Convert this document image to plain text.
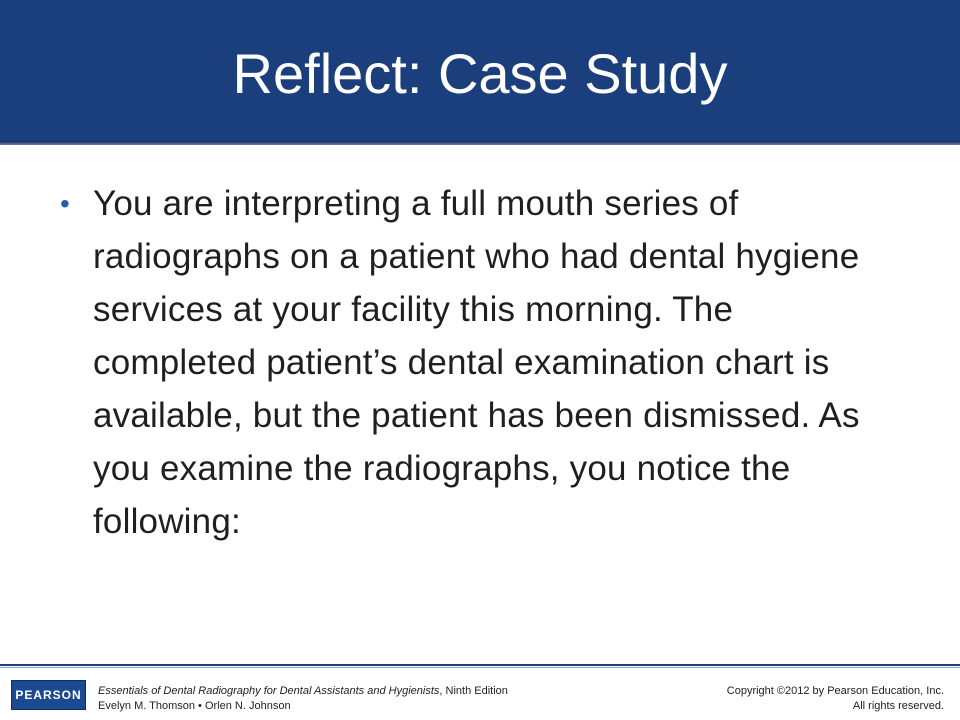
Reflect: Case Study
• You are interpreting a full mouth series of radiographs on a patient who had dental hygiene services at your facility this morning. The completed patient’s dental examination chart is available, but the patient has been dismissed. As you examine the radiographs, you notice the following:
PEARSON	Essentials of Dental Radiography for Dental Assistants and Hygienists, Ninth Edition
Evelyn M. Thomson • Orlen N. Johnson
Copyright ©2012 by Pearson Education, Inc.
All rights reserved.
